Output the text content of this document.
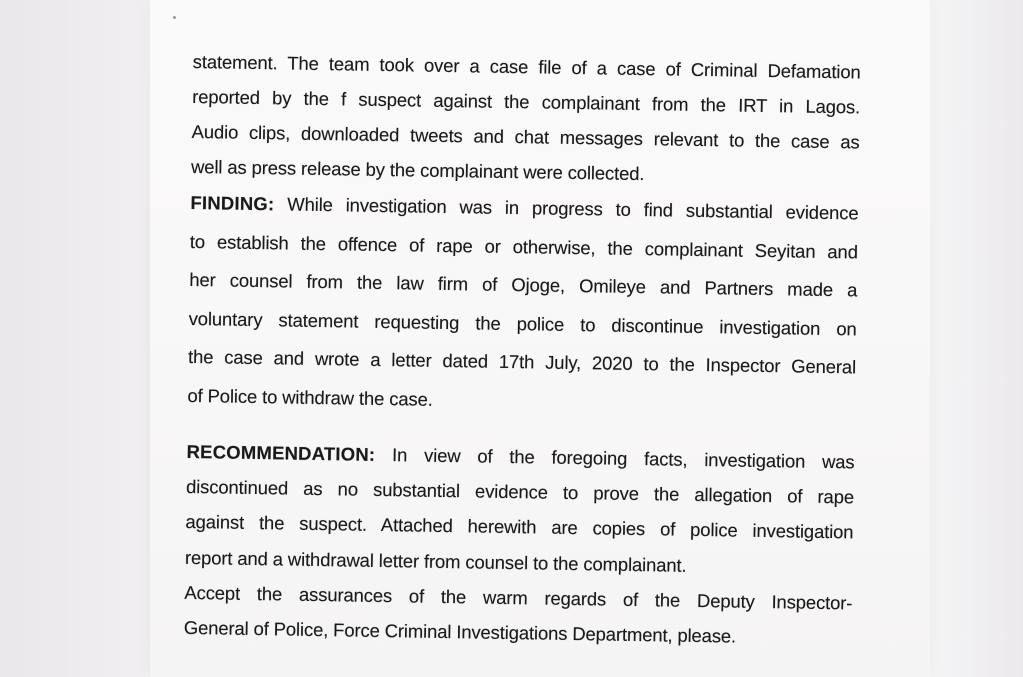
statement. The team took over a case file of a case of Criminal Defamation
reported by the f suspect against the complainant from the IRT in Lagos.
Audio clips, downloaded tweets and chat messages relevant to the case as
well as press release by the complainant were collected.
FINDING: While investigation was in progress to find substantial evidence
to establish the offence of rape or otherwise, the complainant Seyitan and
her counsel from the law firm of Ojoge, Omileye and Partners made a
voluntary statement requesting the police to discontinue investigation on
the case and wrote a letter dated 17th July, 2020 to the Inspector General
of Police to withdraw the case.
RECOMMENDATION: In view of the foregoing facts, investigation was
discontinued as no substantial evidence to prove the allegation of rape
against the suspect. Attached herewith are copies of police investigation
report and a withdrawal letter from counsel to the complainant.
Accept the assurances of the warm regards of the Deputy Inspector-
General of Police, Force Criminal Investigations Department, please.
